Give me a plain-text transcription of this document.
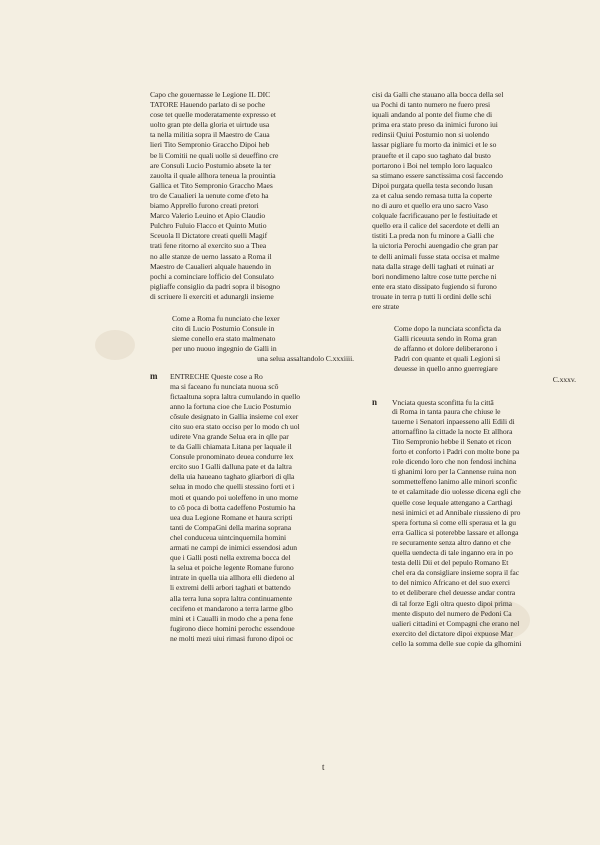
Capo che gouernasse le Legione IL DIC
TATORE Hauendo parlato di se poche
cose tet quelle moderatamente expresso et
uolto gran pte della gloria et uirtude usa
ta nella militia sopra il Maestro de Caua
lieri Tito Sempronio Graccho Dipoi heb
be li Comitii ne quali uolle si deueffino cre
are Consuli Lucio Postumio absete la ter
zauolta il quale allhora teneua la prouintia
Gallica et Tito Sempronio Graccho Maes
tro de Caualieri la uenute come d'eto ha
biamo Apprello furono creati pretori
Marco Valerio Leuino et Apio Claudio
Pulchro Fuluio Flacco et Quinto Mutio
Sceuola Il Dictatore creati quelli Magif
trati fene ritorno al exercito suo a Thea
no alle stanze de uerno lassato a Roma il
Maestro de Caualieri alquale hauendo in
pochi a cominciare lofficio del Consulato
pigliaffe consiglio da padri sopra il bisogno
di scriuere li exerciti et adunargli insieme
Come a Roma fu nunciato che lexer
cito di Lucio Postumio Consule in
sieme conello era stato malmenato
per uno nuouo ingegnio de Galli in
una selua assaltandolo C.xxxiiii.
m ENTRECHE Queste cose a Ro
ma si faceano fu nunciata nuoua scō
fictaaltuna sopra laltra cumulando in quello
anno la fortuna cioe che Lucio Postumio
cōsule designato in Gallia insieme col exer
cito suo era stato occiso per lo modo ch uol
udirete Vna grande Selua era in qlle par
te da Galli chiamata Litana per laquale il
Consule pronominato deuea condurre lex
ercito suo I Galli dalluna pate et da laltra
della uia haueano taghato gliarbori di qlla
selua in modo che quelli stessino forti et i
moti et quando poi uoleffeno in uno mome
to cō poca di botta cadeffeno Postumio ha
uea dua Legione Romane et haura scripti
tanti de CompaGni della marina soprana
chel conduceua uintcinquemila homini
armati ne campi de inimici essendosi adun
que i Galli posti nella extrema bocca del
la selua et poiche legente Romane furono
intrate in quella uia allhora elli diedeno al
li extremi delli arbori taghati et battendo
alla terra luna sopra laltra continuamente
cecifeno et mandarono a terra larme glbo
mini et i Caualli in modo che a pena fene
fugirono diece homini perochc essendoue
ne molti mezi uiui rimasi furono dipoi oc
cisi da Galli che stauano alla bocca della sel
ua Pochi di tanto numero ne fuero presi
iquali andando al ponte del fiume che di
prima era stato preso da inimici furono iui
redinsii Quiui Postumio non si uolendo
lassar pigliare fu morto da inimici et le so
prauefte et il capo suo taghato dal busto
portarono i Boi nel templo loro laqualco
sa stimano essere sanctissima cosi faccendo
Dipoi purgata quella testa secondo lusan
za et calua sendo remasa tutta la coperte
no di auro et quello era uno sacro Vaso
colquale facrificauano per le festiuitade et
quello era il calice del sacerdote et delli an
tistiti La preda non fu minore a Galli che
la uictoria Perochi auengadio che gran par
te delli animali fusse stata occisa et malme
nata dalla strage delli taghati et ruinati ar
bori nondimeno laltre cose tutte perche ni
ente era stato dissipato fugiendo si furono
trouate in terra p tutti li ordini delle schi
ere strate
Come dopo la nunciata sconfiƈta da
Galli riceuuta sendo in Roma gran
de affanno et dolore deliberarono i
Padri con quante et quali Legioni si
deuesse in quello anno guerregiare
C.xxxv.
n Vnciata questa sconfitta fu la cittā
di Roma in tanta paura che chiuse le
tauerne i Senatori inpaesseno alli Edili di
attornaffino la cittade la nocte Et allhora
Tito Sempronio hebbe il Senato et ricon
forto et conforto i Padri con molte bone pa
role dicendo loro che non fendosi inchina
ti ghanimi loro per la Cannense ruina non
sommetteffeno lanimo alle minori sconfic
te et calamitade dio uolesse dicena egli che
quelle cose lequale attengano a Carthagi
nesi inimici et ad Annibale riussieno di pro
spera fortuna sì come elli speraua et la gu
erra Gallica si poterebbe lassare et allonga
re securamente senza altro danno et che
quella uendecta di tale inganno era in po
testa delli Dii et del pepulo Romano Et
chel era da consigliare insieme sopra il fac
to del nimico Africano et del suo exerci
to et deliberare chel deuesse andar contra
di tal forze Egli oltra questo dipoi prima
mente disputo del numero de Pedoni Ca
ualieri cittadini et Compagni che erano nel
exercito del dictatore dipoi expuose Mar
cello la somma delle sue copie da glhomini
t
